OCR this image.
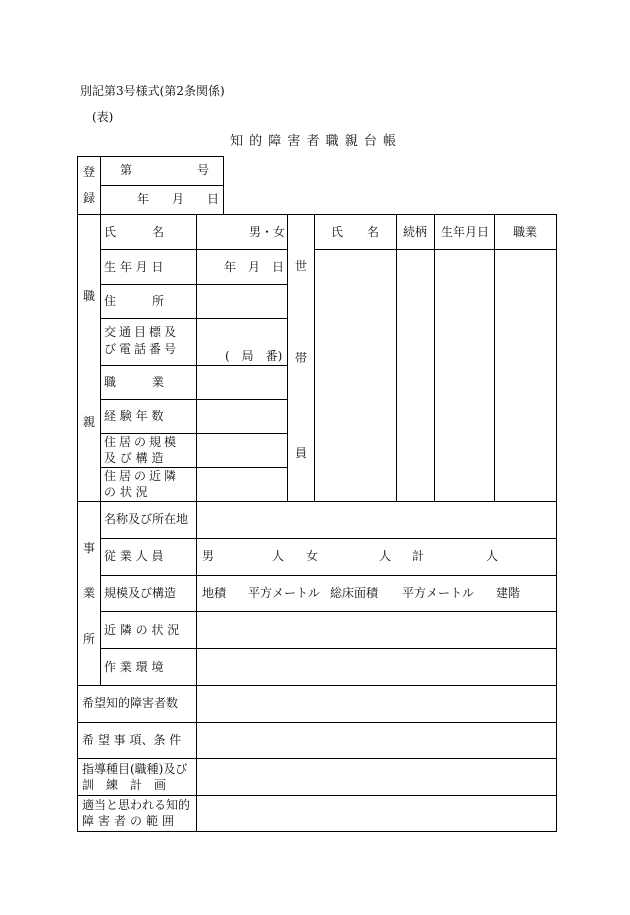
別記第3号様式(第2条関係)
(表)
知 的 障 害 者 職 親 台 帳
登
録
第	号
年 月 日
職
親
氏　　　名	男・女
生 年 月 日	年 月 日
住　　　所
交通目標及
び電話番号	(　局　番)
職　　　業
経 験 年 数
住居の規模
及 び 構 造
住居の近隣
の 状 況
世
帯
員
氏　　名 続柄 生年月日 職業
事
業
所
名称及び所在地
従 業 人 員	男	人 女	人 計	人
規模及び構造 地積 平方メートル 総床面積 平方メートル 建階
近 隣 の 状 況
作 業 環 境
希望知的障害者数
希 望 事 項、条 件
指導種目(職種)及び
訓　練　計　画
適当と思われる知的
障害者の範囲
